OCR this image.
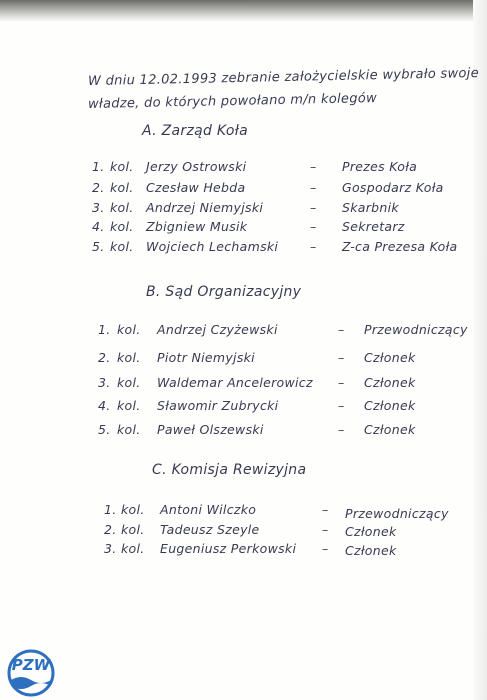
W dniu 12.02.1993 zebranie założycielskie wybrało swoje

władze, do których powołano m/n kolegów

A. Zarząd Koła

1. kol. Jerzy Ostrowski	– Prezes Koła
2. kol. Czesław Hebda	– Gospodarz Koła
3. kol. Andrzej Niemyjski	– Skarbnik
4. kol. Zbigniew Musik	– Sekretarz
5. kol. Wojciech Lechamski	– Z-ca Prezesa Koła

B. Sąd Organizacyjny

1. kol. Andrzej Czyżewski	– Przewodniczący
2. kol. Piotr Niemyjski	– Członek
3. kol. Waldemar Ancelerowicz – Członek
4. kol. Sławomir Zubrycki	– Członek
5. kol. Paweł Olszewski	– Członek

C. Komisja Rewizyjna

1. kol. Antoni Wilczko	– Przewodniczący
2. kol. Tadeusz Szeyle	– Członek
3. kol. Eugeniusz Perkowski – Członek
PZW
